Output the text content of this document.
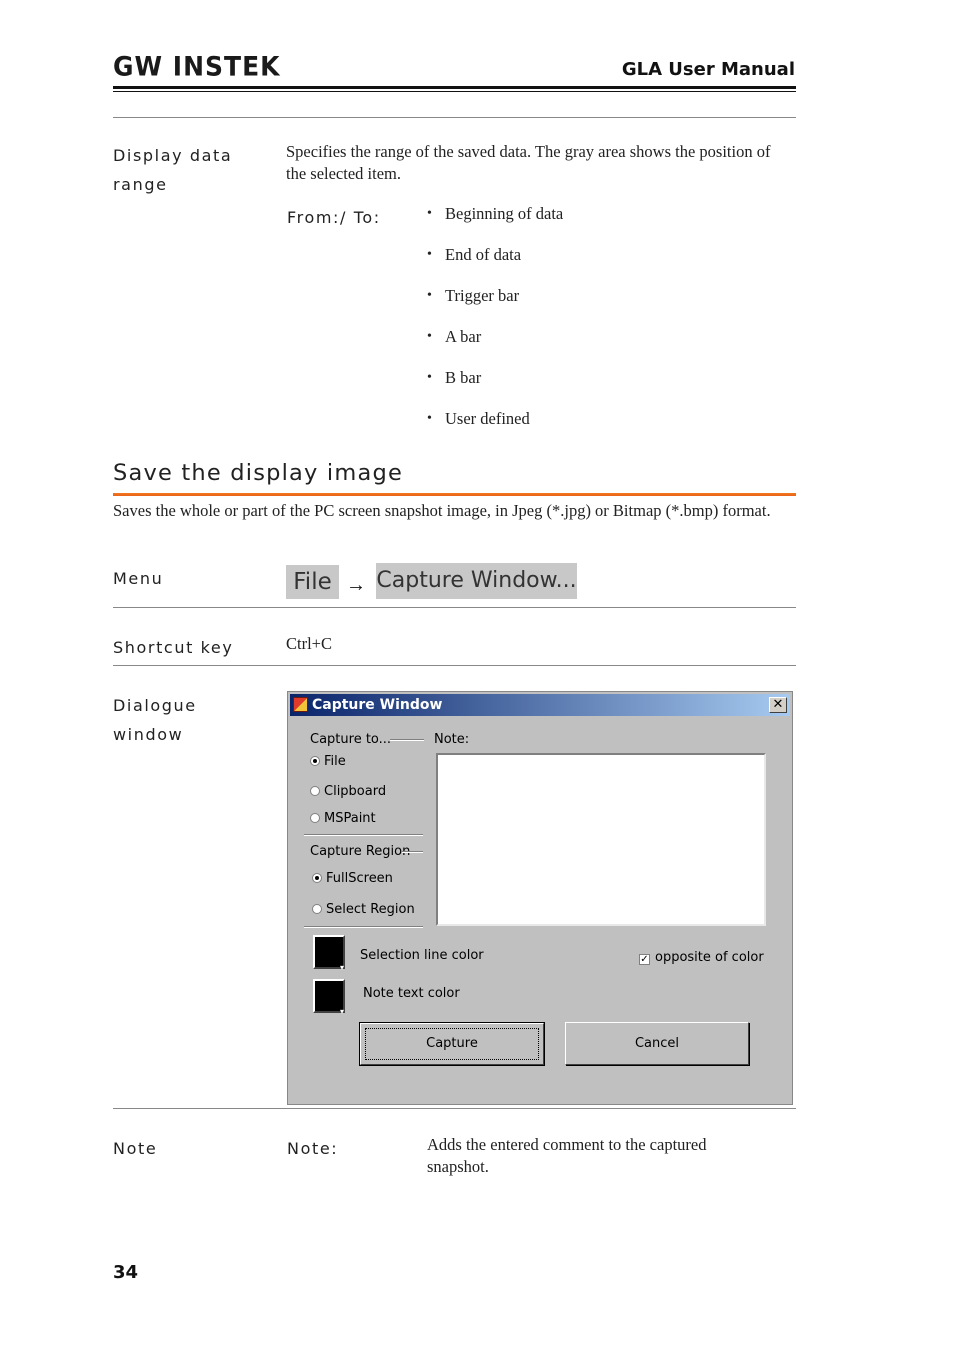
GW INSTEK	GLA User Manual
Display data range
Specifies the range of the saved data. The gray area shows the position of the selected item.
From:/ To:
•	Beginning of data
• End of data
• Trigger bar
• A bar
• B bar
• User defined
Save the display image
Saves the whole or part of the PC screen snapshot image, in Jpeg (*.jpg) or Bitmap (*.bmp) format.
Menu	File → Capture Window...
Shortcut key	Ctrl+C
Dialogue
window
Capture Window	✕
Capture to...	Note:
File
Clipboard
MSPaint
Capture Region
FullScreen
Select Region
▾
Selection line color
▾
Note text color
✓ opposite of color
Capture	Cancel
Note	Note:	Adds the entered comment to the captured snapshot.
34
